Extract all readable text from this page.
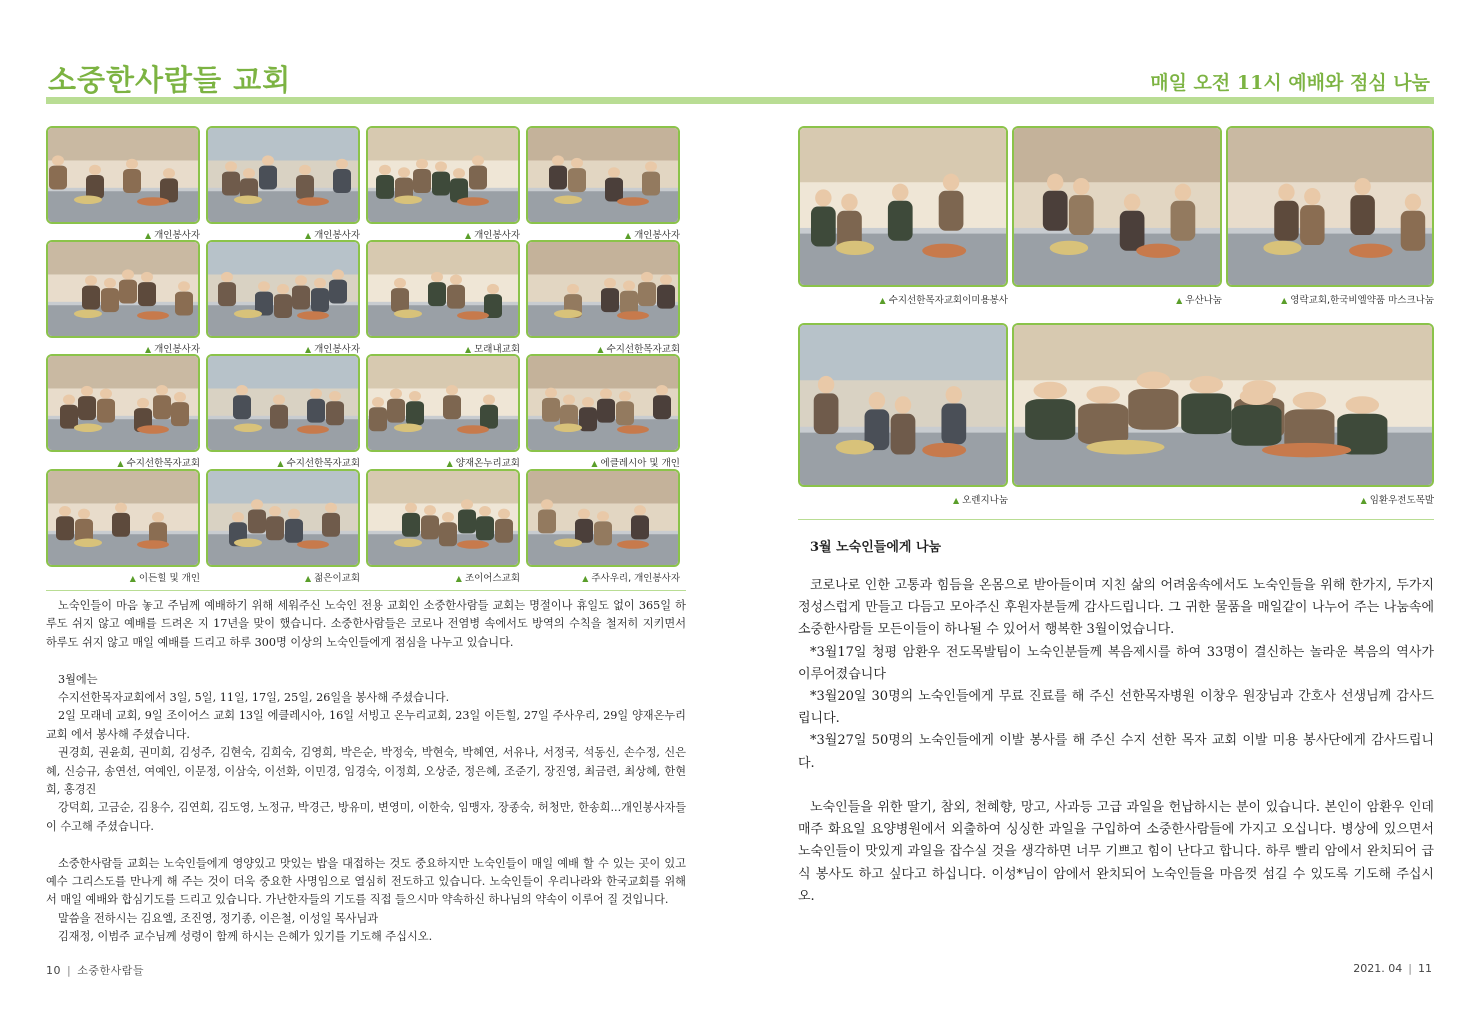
소중한사람들 교회	매일 오전 11시 예배와 점심 나눔
▲ 개인봉사자	▲ 개인봉사자	▲ 개인봉사자	▲ 개인봉사자
▲ 개인봉사자	▲ 개인봉사자	▲ 모래내교회	▲ 수지선한목자교회
▲ 수지선한목자교회	▲ 수지선한목자교회	▲ 양재온누리교회	▲ 에클레시아 및 개인
▲ 이든힐 및 개인	▲ 젊은이교회	▲ 조이어스교회	▲ 주사우리, 개인봉사자
▲ 수지선한목자교회이미용봉사	▲ 우산나눔	▲ 영락교회,한국비엘약품 마스크나눔
▲ 오렌지나눔	▲ 임환우전도목발

노숙인들이 마음 놓고 주님께 예배하기 위해 세워주신 노숙인 전용 교회인 소중한사람들 교회는 명절이나 휴일도 없이 365일 하루도 쉬지 않고 예배를 드려온 지 17년을 맞이 했습니다. 소중한사람들은 코로나 전염병 속에서도 방역의 수칙을 철저히 지키면서 하루도 쉬지 않고 매일 예배를 드리고 하루 300명 이상의 노숙인들에게 점심을 나누고 있습니다.

3월에는

수지선한목자교회에서 3일, 5일, 11일, 17일, 25일, 26일을 봉사해 주셨습니다.

2일 모래네 교회, 9일 조이어스 교회 13일 에클레시아, 16일 서빙고 온누리교회, 23일 이든힐, 27일 주사우리, 29일 양재온누리교회 에서 봉사해 주셨습니다.

권경희, 권윤희, 권미희, 김성주, 김현숙, 김희숙, 김영희, 박은순, 박정숙, 박현숙, 박혜연, 서유나, 서정국, 석동신, 손수정, 신은혜, 신승규, 송연선, 여예인, 이문정, 이삼숙, 이선화, 이민경, 임경숙, 이정희, 오상준, 정은혜, 조준기, 장진영, 최금련, 최상혜, 한현희, 홍경진

강덕희, 고금순, 김용수, 김연희, 김도영, 노정규, 박경근, 방유미, 변영미, 이한숙, 임맹자, 장종숙, 허청만, 한송희...개인봉사자들이 수고해 주셨습니다.

소중한사람들 교회는 노숙인들에게 영양있고 맛있는 밥을 대접하는 것도 중요하지만 노숙인들이 매일 예배 할 수 있는 곳이 있고 예수 그리스도를 만나게 해 주는 것이 더욱 중요한 사명임으로 열심히 전도하고 있습니다. 노숙인들이 우리나라와 한국교회를 위해서 매일 예배와 합심기도를 드리고 있습니다. 가난한자들의 기도를 직접 들으시마 약속하신 하나님의 약속이 이루어 질 것입니다.

말씀을 전하시는 김요엘, 조진영, 정기종, 이은철, 이성일 목사님과

김재정, 이범주 교수님께 성령이 함께 하시는 은혜가 있기를 기도해 주십시오.

3월 노숙인들에게 나눔

코로나로 인한 고통과 힘듬을 온몸으로 받아들이며 지친 삶의 어려움속에서도 노숙인들을 위해 한가지, 두가지 정성스럽게 만들고 다듬고 모아주신 후원자분들께 감사드립니다. 그 귀한 물품을 매일같이 나누어 주는 나눔속에 소중한사람들 모든이들이 하나될 수 있어서 행복한 3월이었습니다.

*3월17일 청평 암환우 전도목발팀이 노숙인분들께 복음제시를 하여 33명이 결신하는 놀라운 복음의 역사가 이루어졌습니다

*3월20일 30명의 노숙인들에게 무료 진료를 해 주신 선한목자병원 이창우 원장님과 간호사 선생님께 감사드립니다.

*3월27일 50명의 노숙인들에게 이발 봉사를 해 주신 수지 선한 목자 교회 이발 미용 봉사단에게 감사드립니다.

노숙인들을 위한 딸기, 참외, 천혜향, 망고, 사과등 고급 과일을 헌납하시는 분이 있습니다. 본인이 암환우 인데 매주 화요일 요양병원에서 외출하여 싱싱한 과일을 구입하여 소중한사람들에 가지고 오십니다. 병상에 있으면서 노숙인들이 맛있게 과일을 잡수실 것을 생각하면 너무 기쁘고 힘이 난다고 합니다. 하루 빨리 암에서 완치되어 급식 봉사도 하고 싶다고 하십니다. 이성*님이 암에서 완치되어 노숙인들을 마음껏 섬길 수 있도록 기도해 주십시오.

10 | 소중한사람들	2021. 04 | 11
